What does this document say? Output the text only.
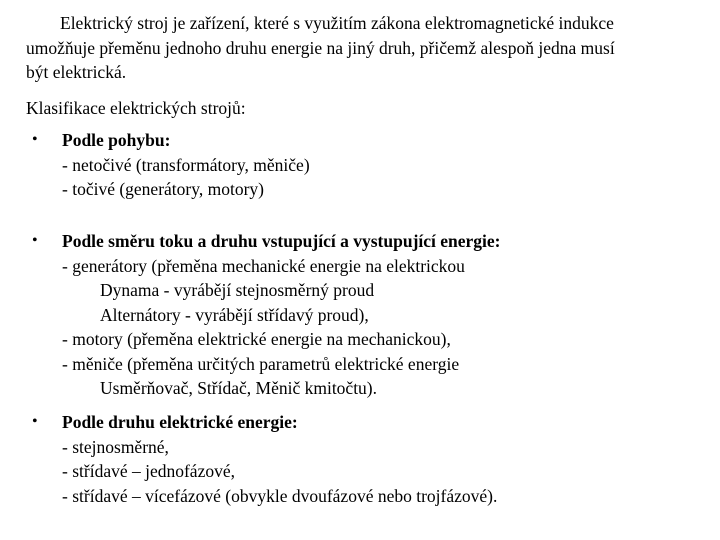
Elektrický stroj je zařízení, které s využitím zákona elektromagnetické indukce
umožňuje přeměnu jednoho druhu energie na jiný druh, přičemž alespoň jedna musí
být elektrická.
Klasifikace elektrických strojů:
• Podle pohybu:
- netočivé (transformátory, měniče)
- točivé (generátory, motory)
• Podle směru toku a druhu vstupující a vystupující energie:
- generátory (přeměna mechanické energie na elektrickou
Dynama - vyrábějí stejnosměrný proud
Alternátory - vyrábějí střídavý proud),
- motory (přeměna elektrické energie na mechanickou),
- měniče (přeměna určitých parametrů elektrické energie
Usměrňovač, Střídač, Měnič kmitočtu).
• Podle druhu elektrické energie:
- stejnosměrné,
- střídavé – jednofázové,
- střídavé – vícefázové (obvykle dvoufázové nebo trojfázové).
